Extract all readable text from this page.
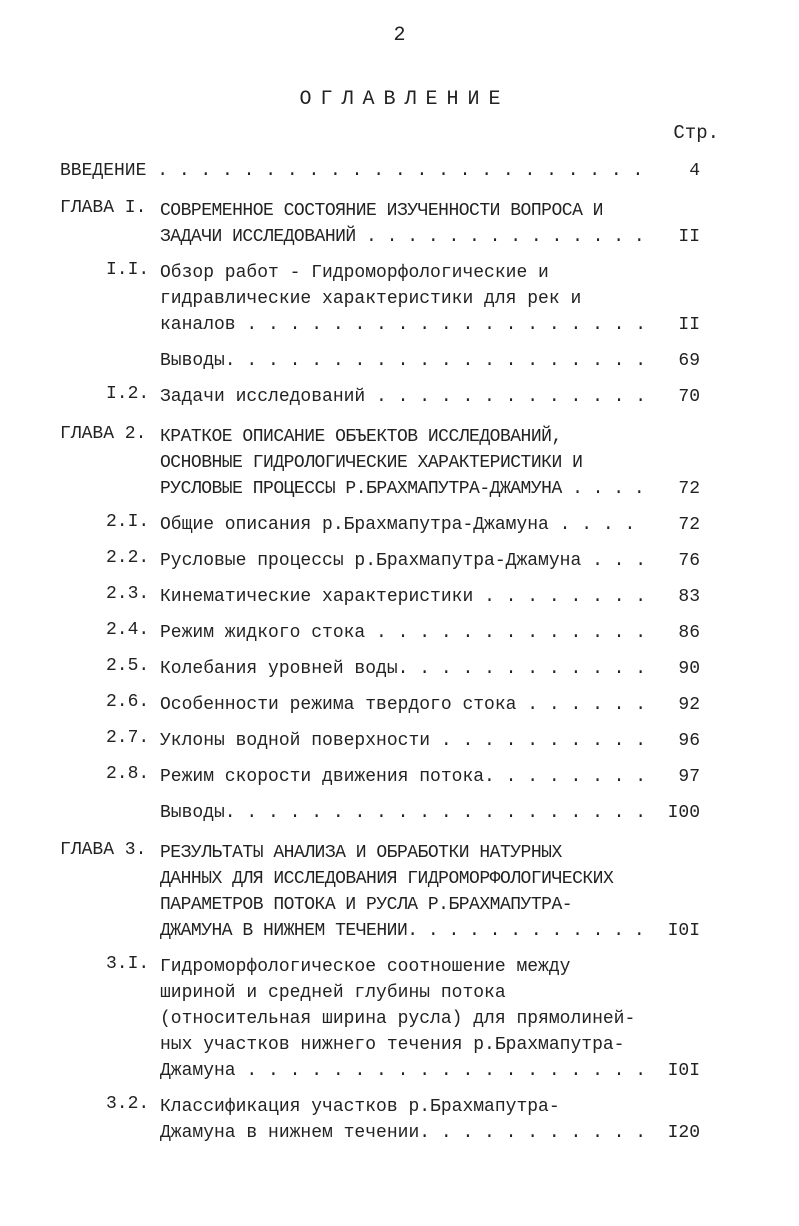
2
ОГЛАВЛЕНИЕ
Стр.
ВВЕДЕНИЕ . . .	4
ГЛАВА I. СОВРЕМЕННОЕ СОСТОЯНИЕ ИЗУЧЕННОСТИ ВОПРОСА И
ЗАДАЧИ ИССЛЕДОВАНИЙ . . .	II
I.I. Обзор работ - Гидроморфологические и
гидравлические характеристики для рек и
каналов . . .	II
Выводы. . . .	69
I.2. Задачи исследований . . .	70
ГЛАВА 2. КРАТКОЕ ОПИСАНИЕ ОБЪЕКТОВ ИССЛЕДОВАНИЙ,
ОСНОВНЫЕ ГИДРОЛОГИЧЕСКИЕ ХАРАКТЕРИСТИКИ И
РУСЛОВЫЕ ПРОЦЕССЫ Р.БРАХМАПУТРА-ДЖАМУНА . . .	72
2.I. Общие описания р.Брахмапутра-Джамуна . . .	72
2.2. Русловые процессы р.Брахмапутра-Джамуна . . .	76
2.3. Кинематические характеристики . . .	83
2.4. Режим жидкого стока . . .	86
2.5. Колебания уровней воды. . . .	90
2.6. Особенности режима твердого стока . . .	92
2.7. Уклоны водной поверхности . . .	96
2.8. Режим скорости движения потока. . . .	97
Выводы. . . .	I00
ГЛАВА 3. РЕЗУЛЬТАТЫ АНАЛИЗА И ОБРАБОТКИ НАТУРНЫХ
ДАННЫХ ДЛЯ ИССЛЕДОВАНИЯ ГИДРОМОРФОЛОГИЧЕСКИХ
ПАРАМЕТРОВ ПОТОКА И РУСЛА Р.БРАХМАПУТРА-
ДЖАМУНА В НИЖНЕМ ТЕЧЕНИИ. . . .	I0I
3.I. Гидроморфологическое соотношение между
шириной и средней глубины потока
(относительная ширина русла) для прямолиней-
ных участков нижнего течения р.Брахмапутра-
Джамуна . . .	I0I
3.2. Классификация участков р.Брахмапутра-
Джамуна в нижнем течении. . . .	I20
